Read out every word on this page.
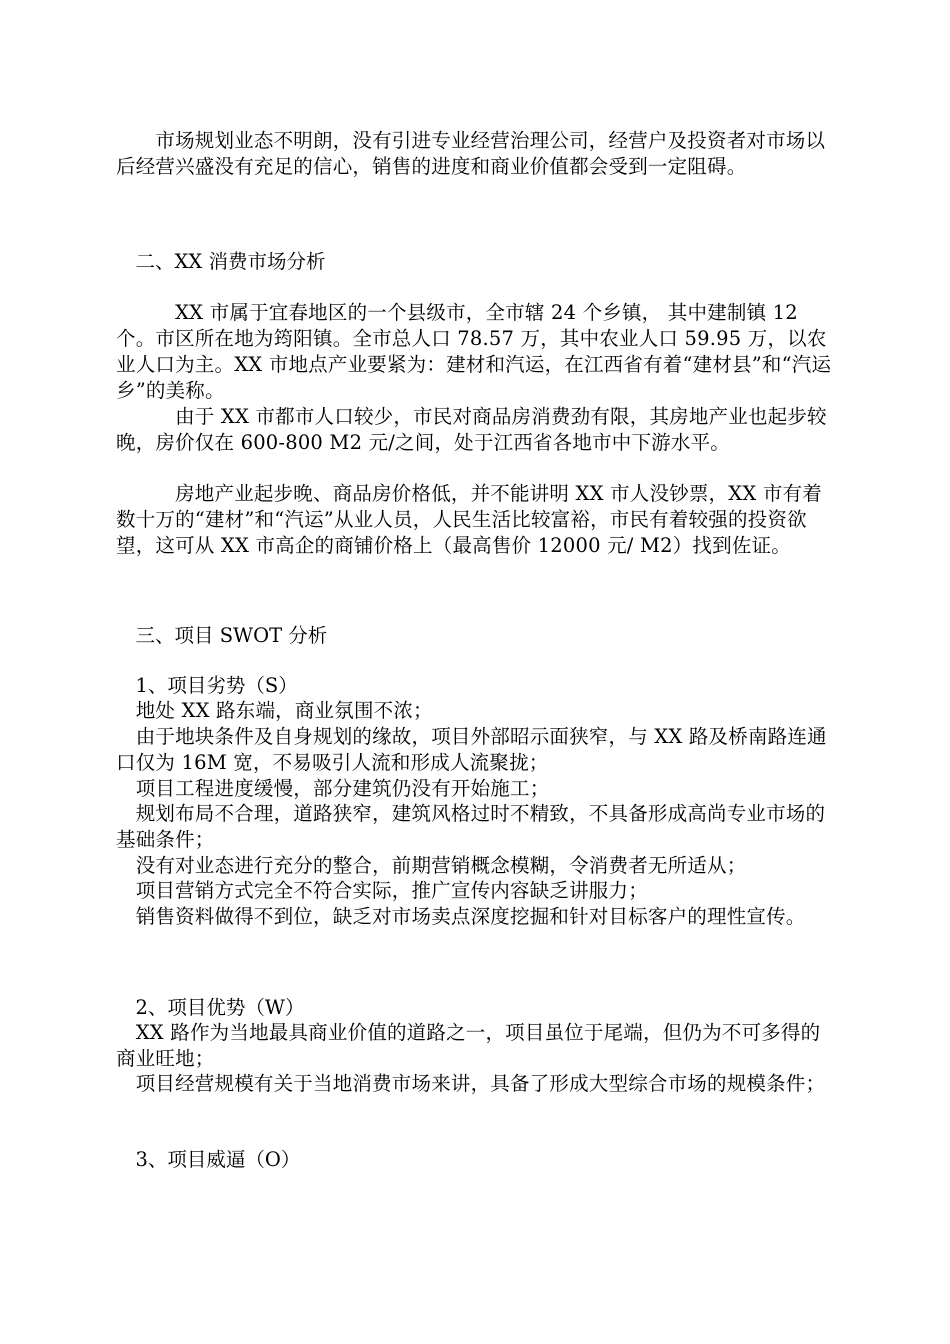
　　市场规划业态不明朗，没有引进专业经营治理公司，经营户及投资者对市场以后经营兴盛没有充足的信心，销售的进度和商业价值都会受到一定阻碍。

　二、XX 消费市场分析

　　　XX 市属于宜春地区的一个县级市，全市辖 24 个乡镇， 其中建制镇 12 个。市区所在地为筠阳镇。全市总人口 78.57 万，其中农业人口 59.95 万，以农业人口为主。XX 市地点产业要紧为：建材和汽运，在江西省有着“建材县”和“汽运乡”的美称。

　　　由于 XX 市都市人口较少，市民对商品房消费劲有限，其房地产业也起步较晚，房价仅在 600-800 M2 元/之间，处于江西省各地市中下游水平。

　　　房地产业起步晚、商品房价格低，并不能讲明 XX 市人没钞票，XX 市有着数十万的“建材”和“汽运”从业人员，人民生活比较富裕，市民有着较强的投资欲望，这可从 XX 市高企的商铺价格上（最高售价 12000 元/ M2）找到佐证。

　三、项目 SWOT 分析

　1、项目劣势（S）

　地处 XX 路东端，商业氛围不浓；

　由于地块条件及自身规划的缘故，项目外部昭示面狭窄，与 XX 路及桥南路连通口仅为 16M 宽，不易吸引人流和形成人流聚拢；

　项目工程进度缓慢，部分建筑仍没有开始施工；

　规划布局不合理，道路狭窄，建筑风格过时不精致，不具备形成高尚专业市场的基础条件；

　没有对业态进行充分的整合，前期营销概念模糊，令消费者无所适从；

　项目营销方式完全不符合实际，推广宣传内容缺乏讲服力；

　销售资料做得不到位，缺乏对市场卖点深度挖掘和针对目标客户的理性宣传。

　2、项目优势（W）

　XX 路作为当地最具商业价值的道路之一，项目虽位于尾端，但仍为不可多得的商业旺地；

　项目经营规模有关于当地消费市场来讲，具备了形成大型综合市场的规模条件；

　3、项目威逼（O）
